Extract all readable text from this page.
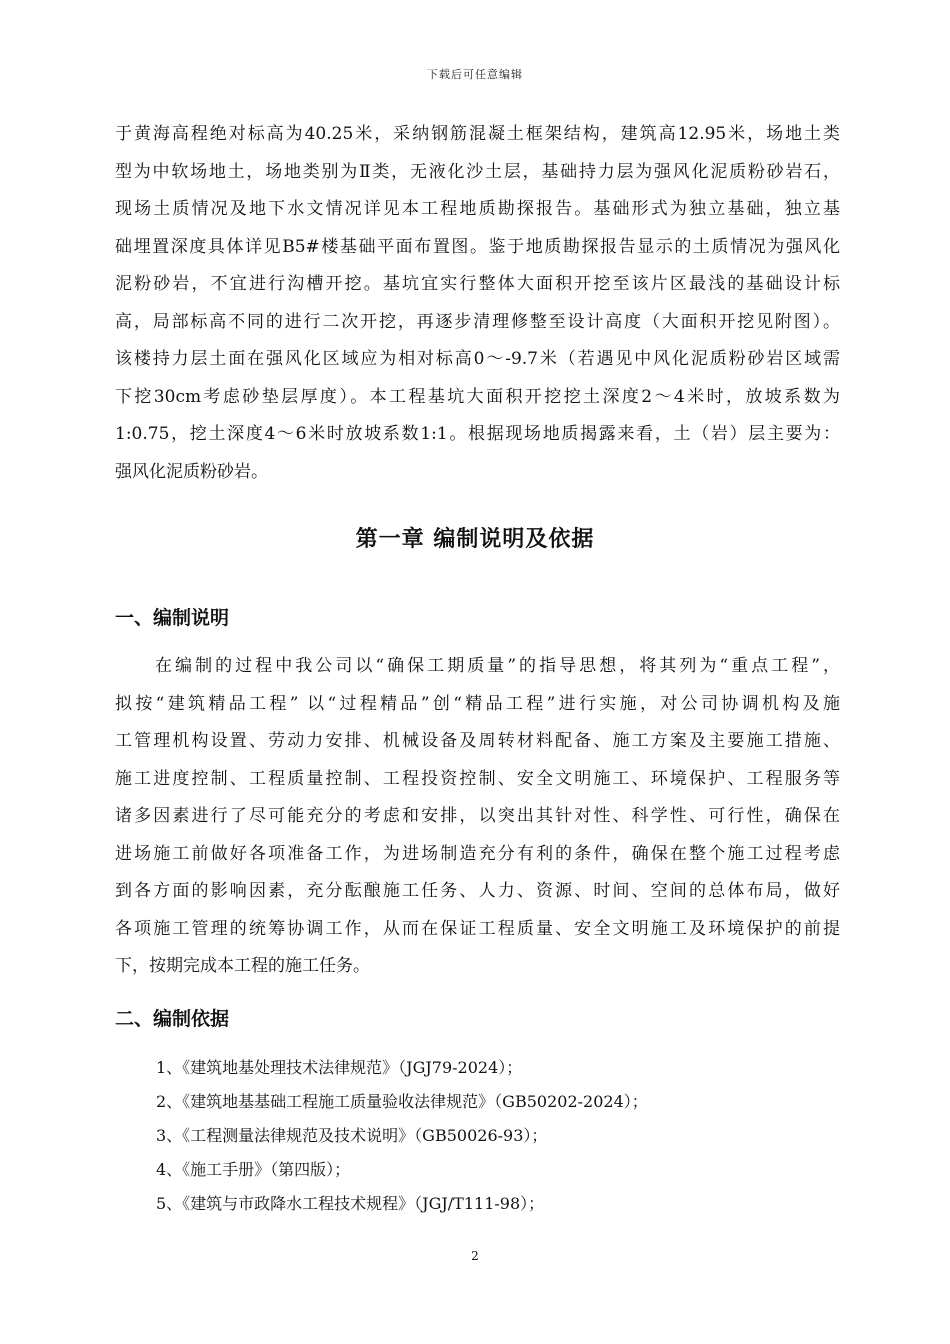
下载后可任意编辑
于黄海高程绝对标高为40.25米，采纳钢筋混凝土框架结构，建筑高12.95米，场地土类
型为中软场地土，场地类别为Ⅱ类，无液化沙土层，基础持力层为强风化泥质粉砂岩石，
现场土质情况及地下水文情况详见本工程地质勘探报告。基础形式为独立基础，独立基
础埋置深度具体详见B5#楼基础平面布置图。鉴于地质勘探报告显示的土质情况为强风化
泥粉砂岩，不宜进行沟槽开挖。基坑宜实行整体大面积开挖至该片区最浅的基础设计标
高，局部标高不同的进行二次开挖，再逐步清理修整至设计高度（大面积开挖见附图）。
该楼持力层土面在强风化区域应为相对标高0～-9.7米（若遇见中风化泥质粉砂岩区域需
下挖30cm考虑砂垫层厚度）。本工程基坑大面积开挖挖土深度2～4米时，放坡系数为
1:0.75，挖土深度4～6米时放坡系数1:1。根据现场地质揭露来看，土（岩）层主要为：
强风化泥质粉砂岩。
第一章 编制说明及依据
一、编制说明
在编制的过程中我公司以“确保工期质量”的指导思想，将其列为“重点工程”，
拟按“建筑精品工程” 以“过程精品”创“精品工程”进行实施，对公司协调机构及施
工管理机构设置、劳动力安排、机械设备及周转材料配备、施工方案及主要施工措施、
施工进度控制、工程质量控制、工程投资控制、安全文明施工、环境保护、工程服务等
诸多因素进行了尽可能充分的考虑和安排，以突出其针对性、科学性、可行性，确保在
进场施工前做好各项准备工作，为进场制造充分有利的条件，确保在整个施工过程考虑
到各方面的影响因素，充分酝酿施工任务、人力、资源、时间、空间的总体布局，做好
各项施工管理的统筹协调工作，从而在保证工程质量、安全文明施工及环境保护的前提
下，按期完成本工程的施工任务。
二、编制依据
1、《建筑地基处理技术法律规范》（JGJ79-2024）；
2、《建筑地基基础工程施工质量验收法律规范》（GB50202-2024）；
3、《工程测量法律规范及技术说明》（GB50026-93）；
4、《施工手册》（第四版）；
5、《建筑与市政降水工程技术规程》（JGJ/T111-98）；
2
